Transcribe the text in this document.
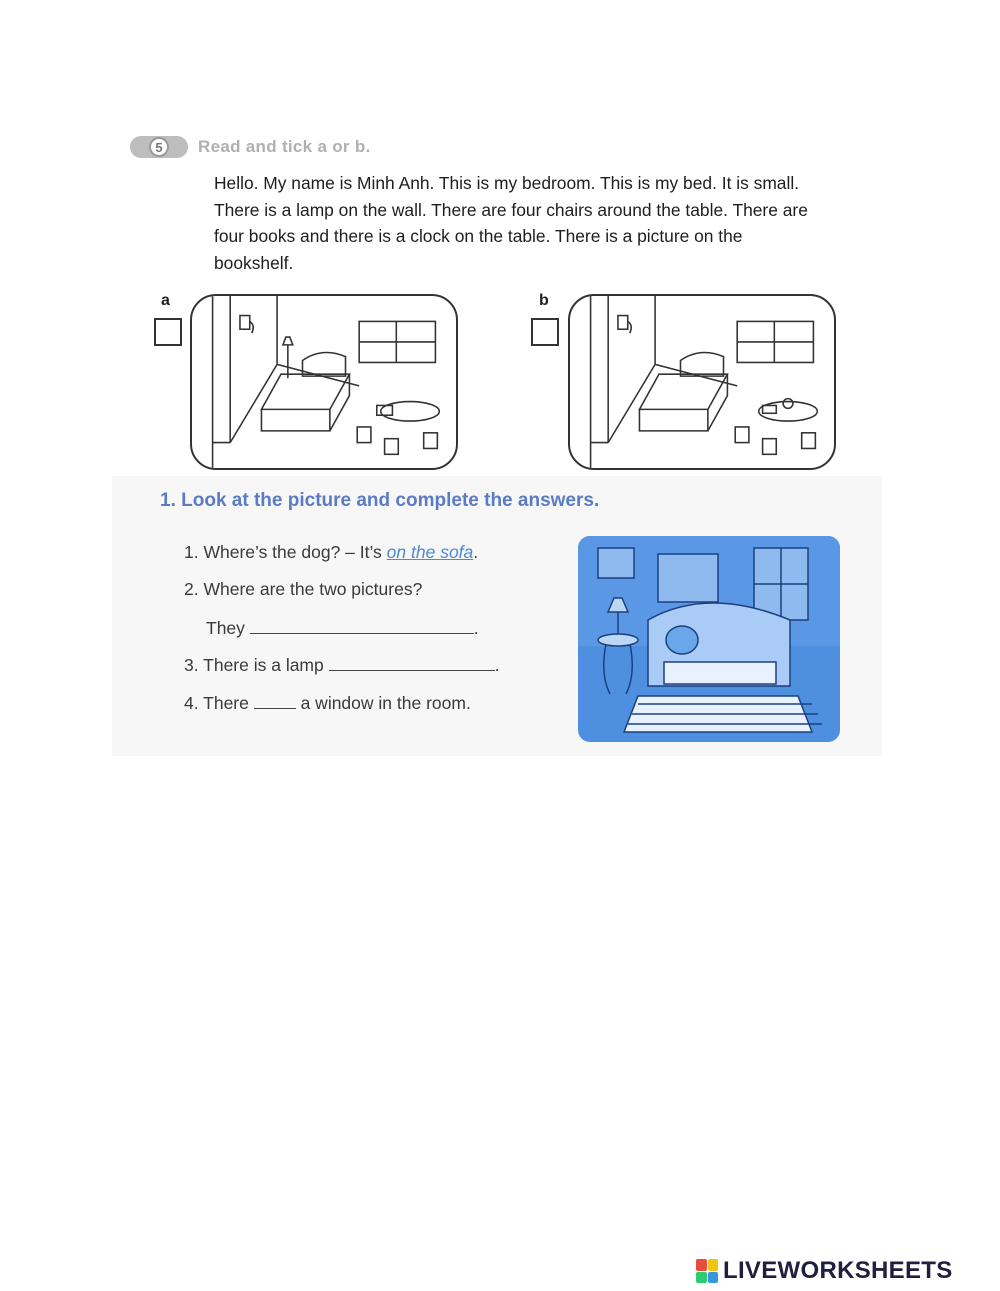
5	Read and tick a or b.
Hello. My name is Minh Anh. This is my bedroom. This is my bed. It is small. There is a lamp on the wall. There are four chairs around the table. There are four books and there is a clock on the table. There is a picture on the bookshelf.
a	b
1. Look at the picture and complete the answers.
1. Where’s the dog? – It’s on the sofa.
2. Where are the two pictures?
They	.
3. There is a lamp	.
4. There  a window in the room.
LIVEWORKSHEETS
